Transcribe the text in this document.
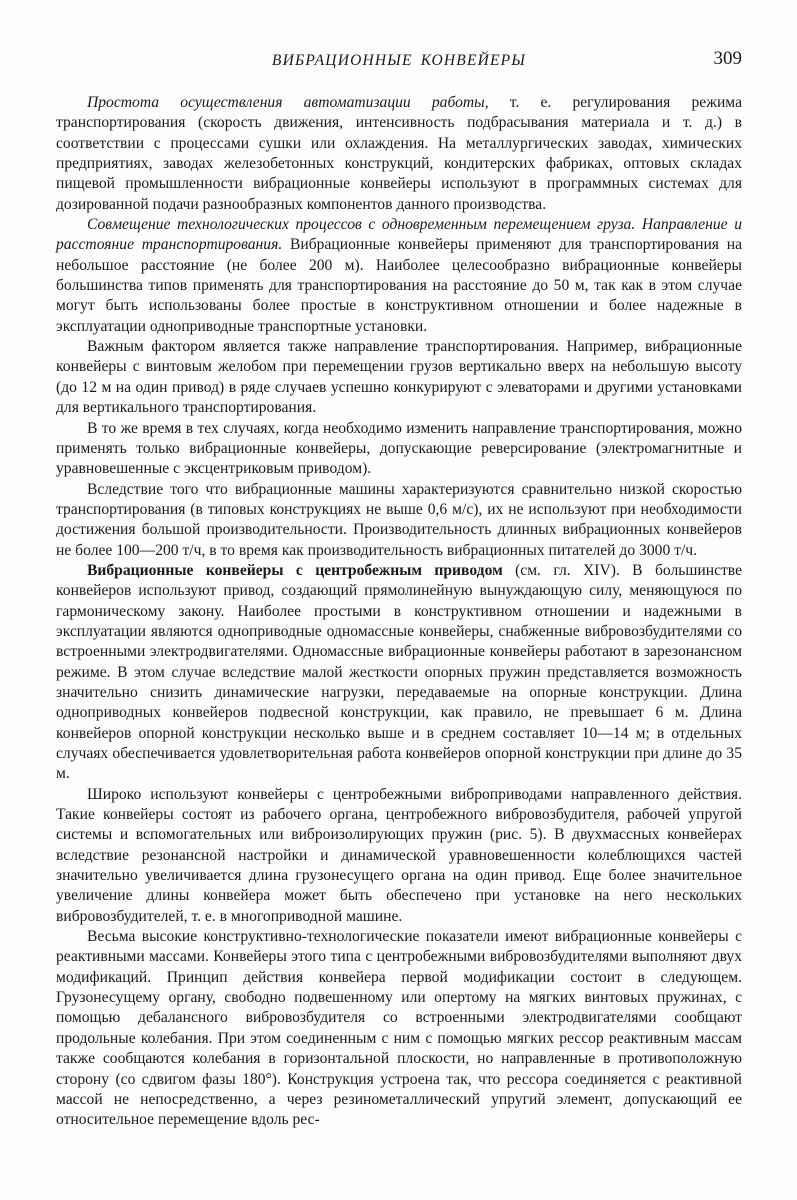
ВИБРАЦИОННЫЕ КОНВЕЙЕРЫ	309

Простота осуществления автоматизации работы, т. е. регулирования режима транспортирования (скорость движения, интенсивность подбрасывания материала и т. д.) в соответствии с процессами сушки или охлаждения. На металлургических заводах, химических предприятиях, заводах железобетонных конструкций, кондитерских фабриках, оптовых складах пищевой промышленности вибрационные конвейеры используют в программных системах для дозированной подачи разнообразных компонентов данного производства.

Совмещение технологических процессов с одновременным перемещением груза. Направление и расстояние транспортирования. Вибрационные конвейеры применяют для транспортирования на небольшое расстояние (не более 200 м). Наиболее целесообразно вибрационные конвейеры большинства типов применять для транспортирования на расстояние до 50 м, так как в этом случае могут быть использованы более простые в конструктивном отношении и более надежные в эксплуатации однoприводные транспортные установки.

Важным фактором является также направление транспортирования. Например, вибрационные конвейеры с винтовым желобом при перемещении грузов вертикально вверх на небольшую высоту (до 12 м на один привод) в ряде случаев успешно конкурируют с элеваторами и другими установками для вертикального транспортирования.

В то же время в тех случаях, когда необходимо изменить направление транспортирования, можно применять только вибрационные конвейеры, допускающие реверсирование (электромагнитные и уравновешенные с эксцентриковым приводом).

Вследствие того что вибрационные машины характеризуются сравнительно низкой скоростью транспортирования (в типовых конструкциях не выше 0,6 м/с), их не используют при необходимости достижения большой производительности. Производительность длинных вибрационных конвейеров не более 100—200 т/ч, в то время как производительность вибрационных питателей до 3000 т/ч.

Вибрационные конвейеры с центробежным приводом (см. гл. XIV). В большинстве конвейеров используют привод, создающий прямолинейную вынуждающую силу, меняющуюся по гармоническому закону. Наиболее простыми в конструктивном отношении и надежными в эксплуатации являются одноприводные одномассные конвейеры, снабженные вибровозбудителями со встроенными электродвигателями. Одномассные вибрационные конвейеры работают в зарезонансном режиме. В этом случае вследствие малой жесткости опорных пружин представляется возможность значительно снизить динамические нагрузки, передаваемые на опорные конструкции. Длина одноприводных конвейеров подвесной конструкции, как правило, не превышает 6 м. Длина конвейеров опорной конструкции несколько выше и в среднем составляет 10—14 м; в отдельных случаях обеспечивается удовлетворительная работа конвейеров опорной конструкции при длине до 35 м.

Широко используют конвейеры с центробежными виброприводами направленного действия. Такие конвейеры состоят из рабочего органа, центробежного вибровозбудителя, рабочей упругой системы и вспомогательных или виброизолирующих пружин (рис. 5). В двухмассных конвейерах вследствие резонансной настройки и динамической уравновешенности колеблющихся частей значительно увеличивается длина грузонесущего органа на один привод. Еще более значительное увеличение длины конвейера может быть обеспечено при установке на него нескольких вибровозбудителей, т. е. в многоприводной машине.

Весьма высокие конструктивно-технологические показатели имеют вибрационные конвейеры с реактивными массами. Конвейеры этого типа с центробежными вибровозбудителями выполняют двух модификаций. Принцип действия конвейера первой модификации состоит в следующем. Грузонесущему органу, свободно подвешенному или опертому на мягких винтовых пружинах, с помощью дебалансного вибровозбудителя со встроенными электродвигателями сообщают продольные колебания. При этом соединенным с ним с помощью мягких рессор реактивным массам также сообщаются колебания в горизонтальной плоскости, но направленные в противоположную сторону (со сдвигом фазы 180°). Конструкция устроена так, что рессора соединяется с реактивной массой не непосредственно, а через резинометаллический упругий элемент, допускающий ее относительное перемещение вдоль рес-
